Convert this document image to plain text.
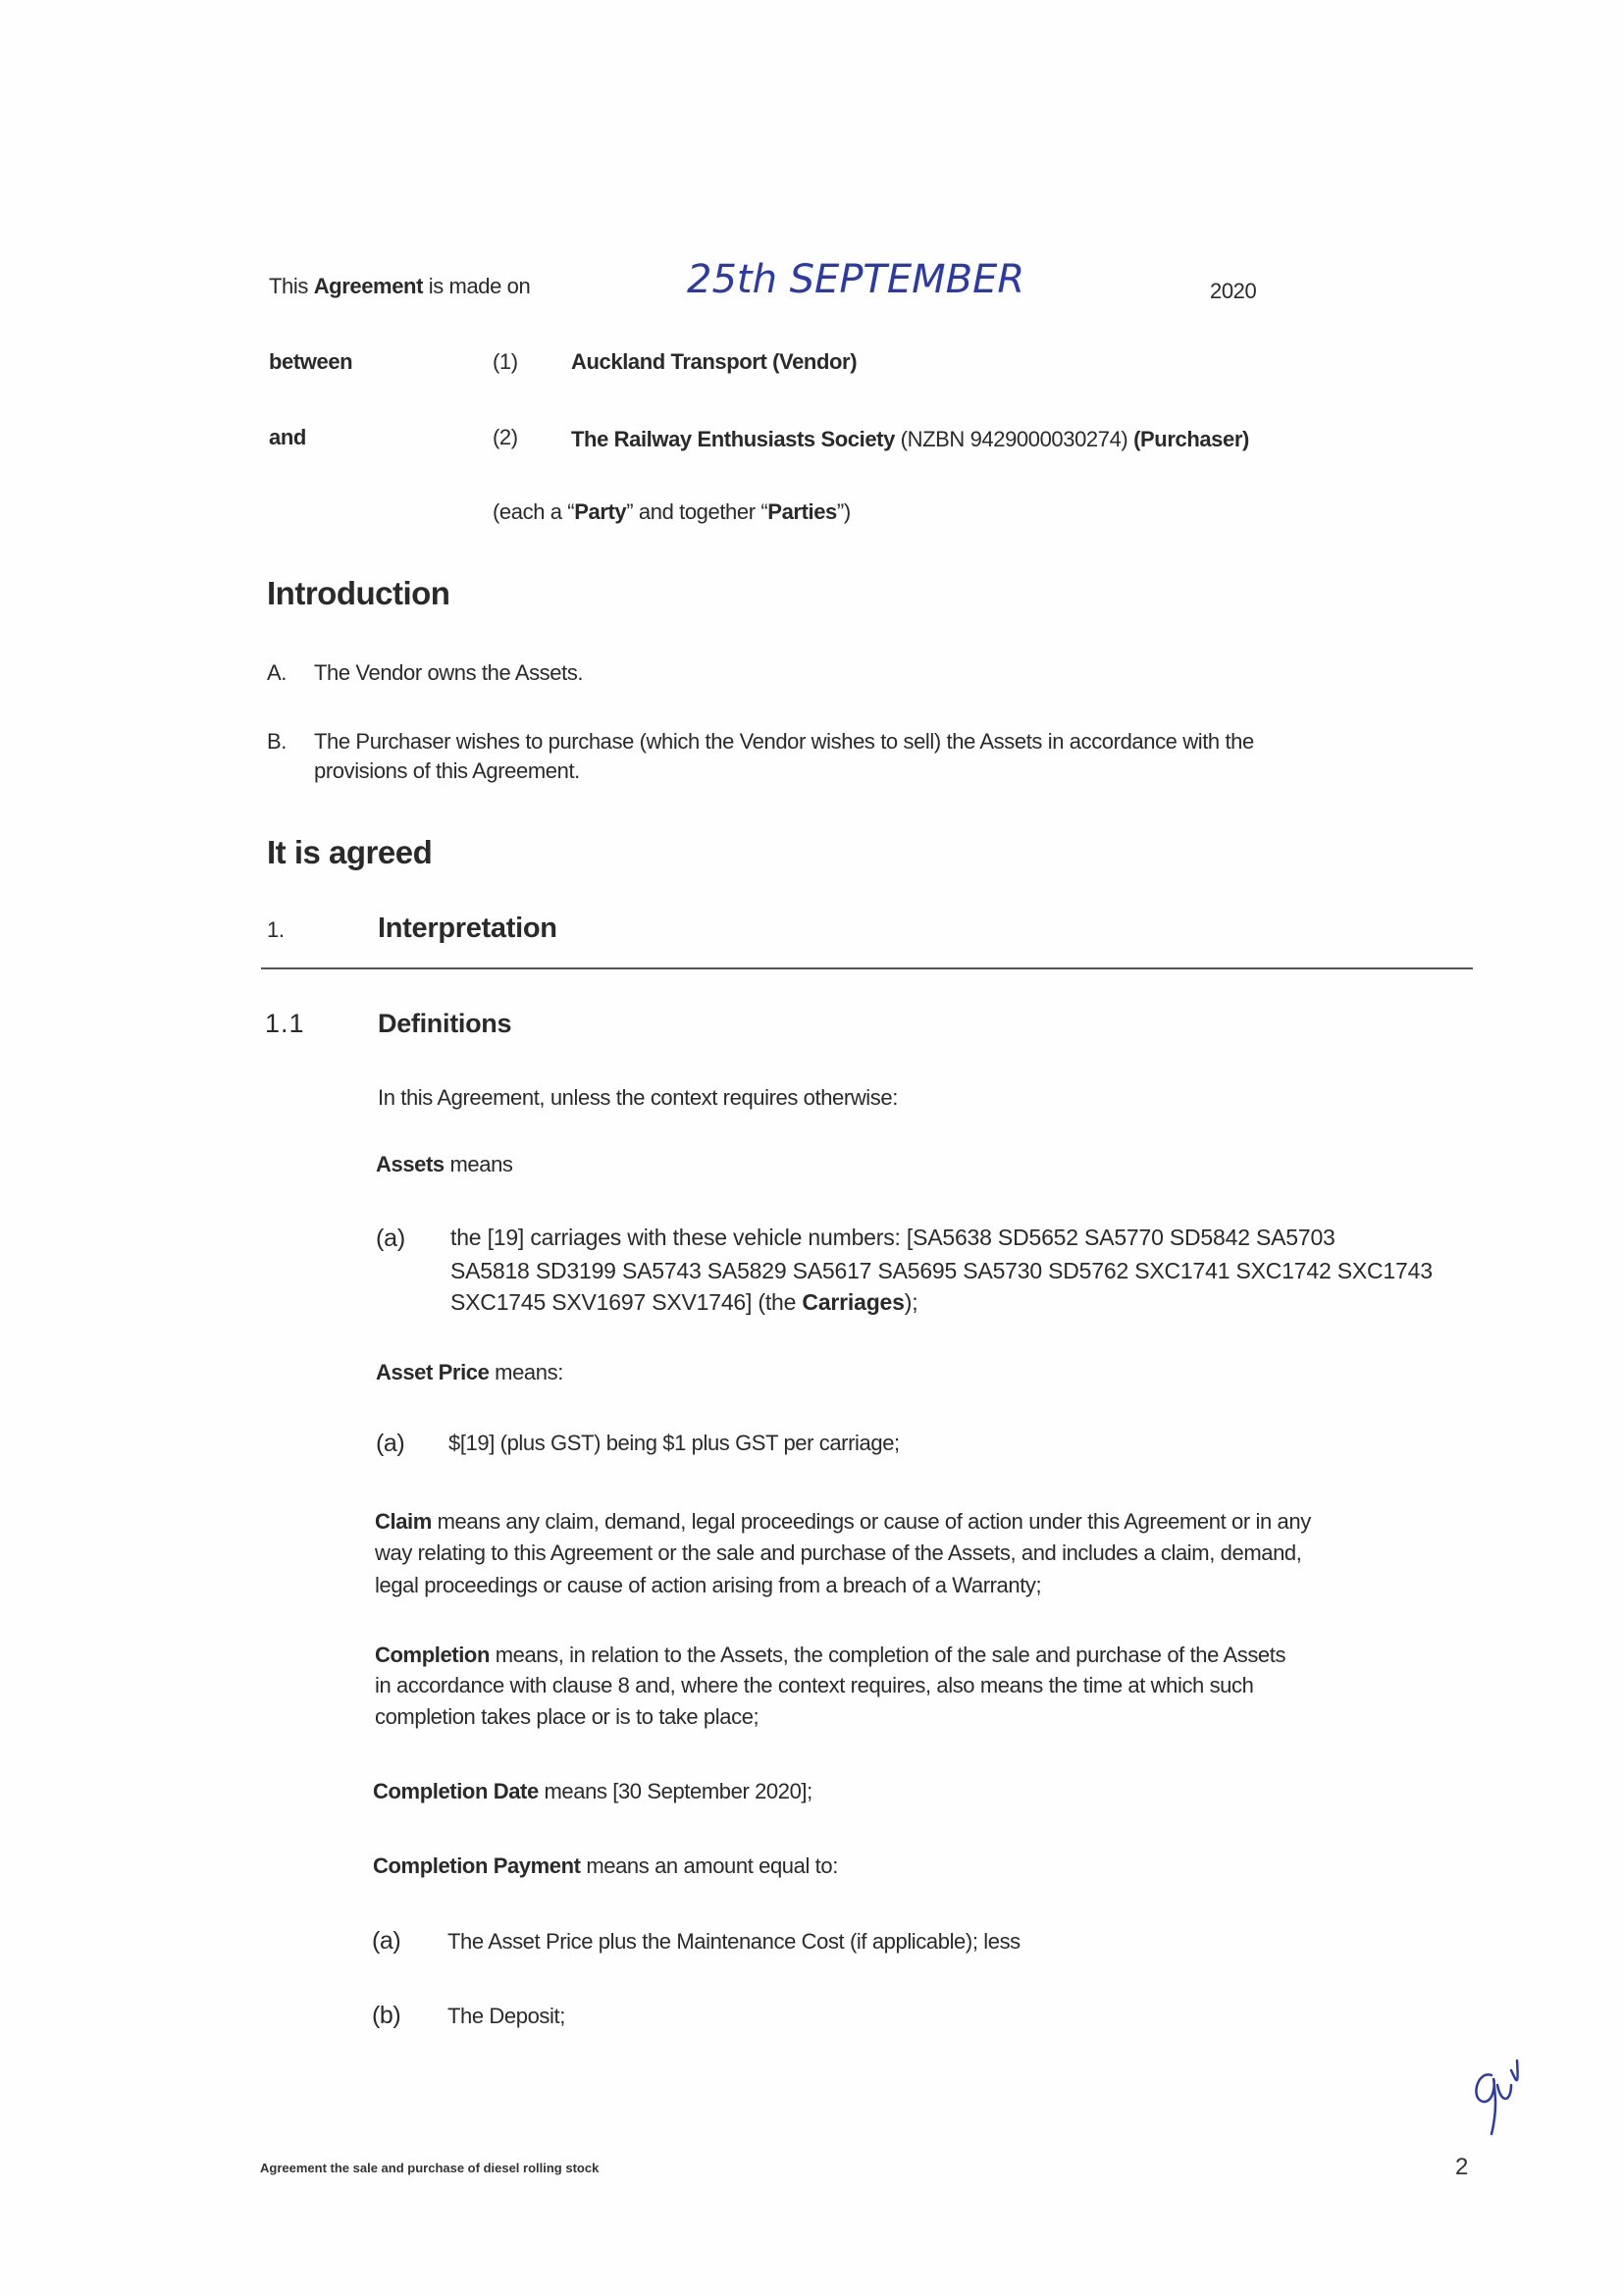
This Agreement is made on	25th SEPTEMBER	2020
between	(1) Auckland Transport (Vendor)
and	(2) The Railway Enthusiasts Society (NZBN 9429000030274) (Purchaser)
(each a “Party” and together “Parties”)
Introduction
A. The Vendor owns the Assets.
B. The Purchaser wishes to purchase (which the Vendor wishes to sell) the Assets in accordance with the
provisions of this Agreement.
It is agreed
1.	Interpretation
1.1	Definitions
In this Agreement, unless the context requires otherwise:
Assets means
(a) the [19] carriages with these vehicle numbers: [SA5638 SD5652 SA5770 SD5842 SA5703
SA5818 SD3199 SA5743 SA5829 SA5617 SA5695 SA5730 SD5762 SXC1741 SXC1742 SXC1743
SXC1745 SXV1697 SXV1746] (the Carriages);
Asset Price means:
(a) $[19] (plus GST) being $1 plus GST per carriage;
Claim means any claim, demand, legal proceedings or cause of action under this Agreement or in any
way relating to this Agreement or the sale and purchase of the Assets, and includes a claim, demand,
legal proceedings or cause of action arising from a breach of a Warranty;
Completion means, in relation to the Assets, the completion of the sale and purchase of the Assets
in accordance with clause 8 and, where the context requires, also means the time at which such
completion takes place or is to take place;
Completion Date means [30 September 2020];
Completion Payment means an amount equal to:
(a) The Asset Price plus the Maintenance Cost (if applicable); less
(b) The Deposit;
Agreement the sale and purchase of diesel rolling stock	2
